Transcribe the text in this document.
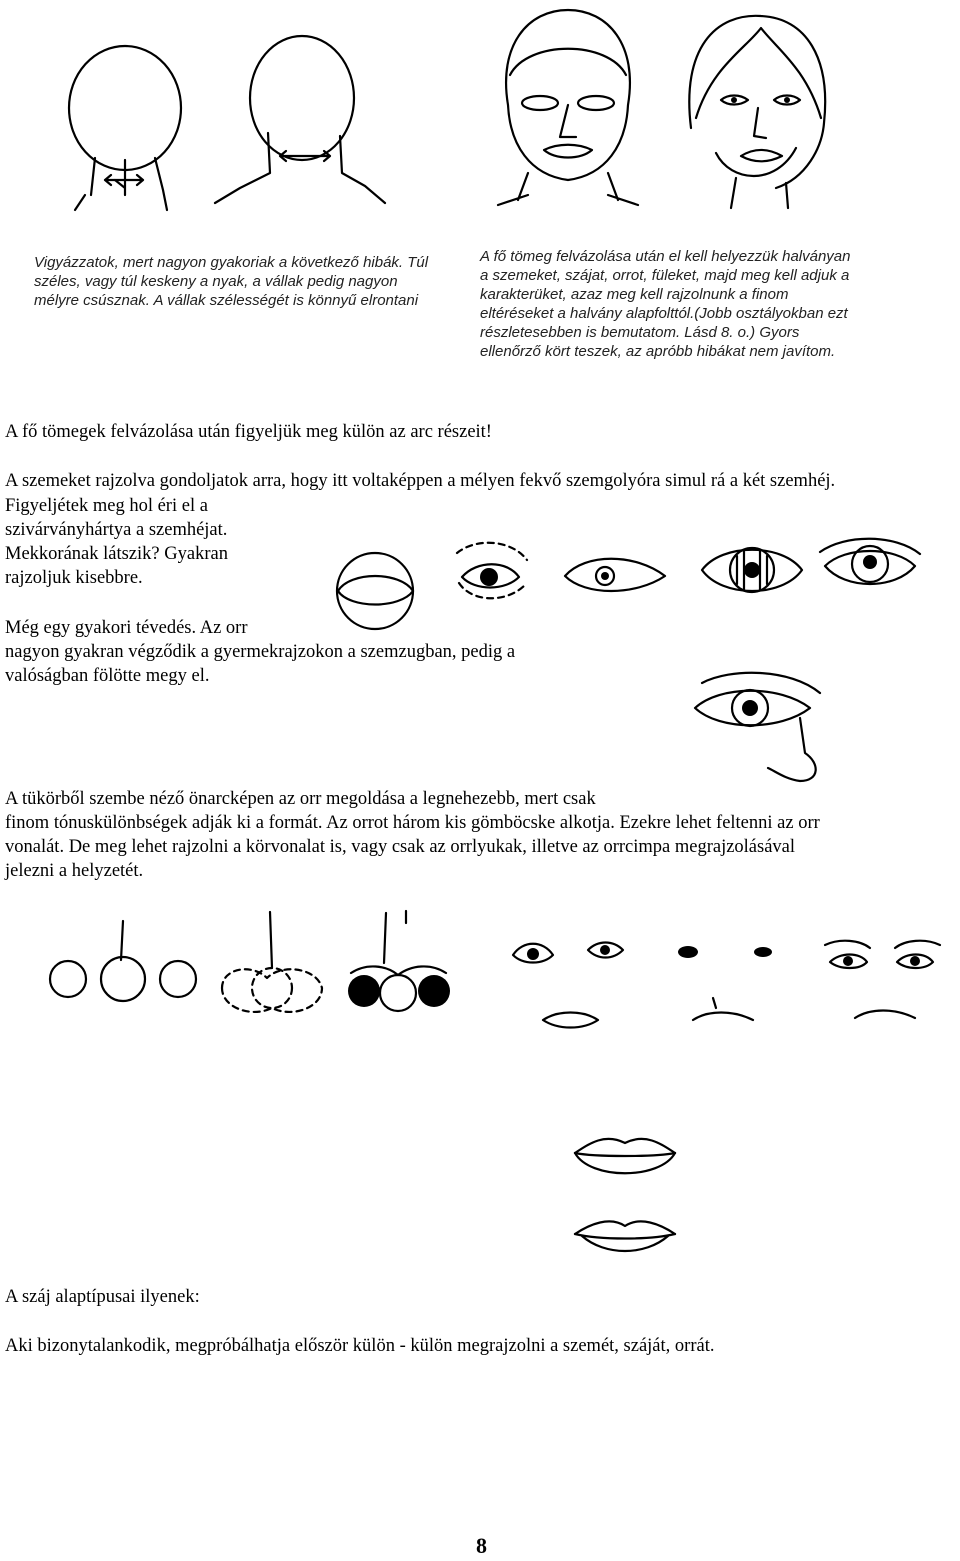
Vigyázzatok, mert nagyon gyakoriak a következő hibák. Túl széles, vagy túl keskeny a nyak, a vállak pedig nagyon mélyre csúsznak. A vállak szélességét is könnyű elrontani

A fő tömeg felvázolása után el kell helyezzük halványan a szemeket, szájat, orrot, füleket, majd meg kell adjuk a karakterüket, azaz meg kell rajzolnunk a finom eltéréseket a halvány alapfolttól.(Jobb osztályokban ezt részletesebben is bemutatom. Lásd 8. o.) Gyors ellenőrző kört teszek, az apróbb hibákat nem javítom.

A fő tömegek felvázolása után figyeljük meg külön az arc részeit!

A szemeket rajzolva gondoljatok arra, hogy itt voltaképpen a mélyen fekvő szemgolyóra simul rá a két szemhéj.

Figyeljétek meg hol éri el a
szivárványhártya a szemhéjat.
Mekkorának látszik? Gyakran
rajzoljuk kisebbre.

Még egy gyakori tévedés. Az orr
nagyon gyakran végződik a gyermekrajzokon a szemzugban, pedig a
valóságban fölötte megy el.

A tükörből szembe néző önarcképen az orr megoldása a legnehezebb, mert csak
finom tónuskülönbségek adják ki a formát. Az orrot három kis gömböcske alkotja. Ezekre lehet feltenni az orr
vonalát. De meg lehet rajzolni a körvonalat is, vagy csak az orrlyukak, illetve az orrcimpa megrajzolásával
jelezni a helyzetét.

A száj alaptípusai ilyenek:

Aki bizonytalankodik, megpróbálhatja először külön - külön megrajzolni a szemét, száját, orrát.

8
